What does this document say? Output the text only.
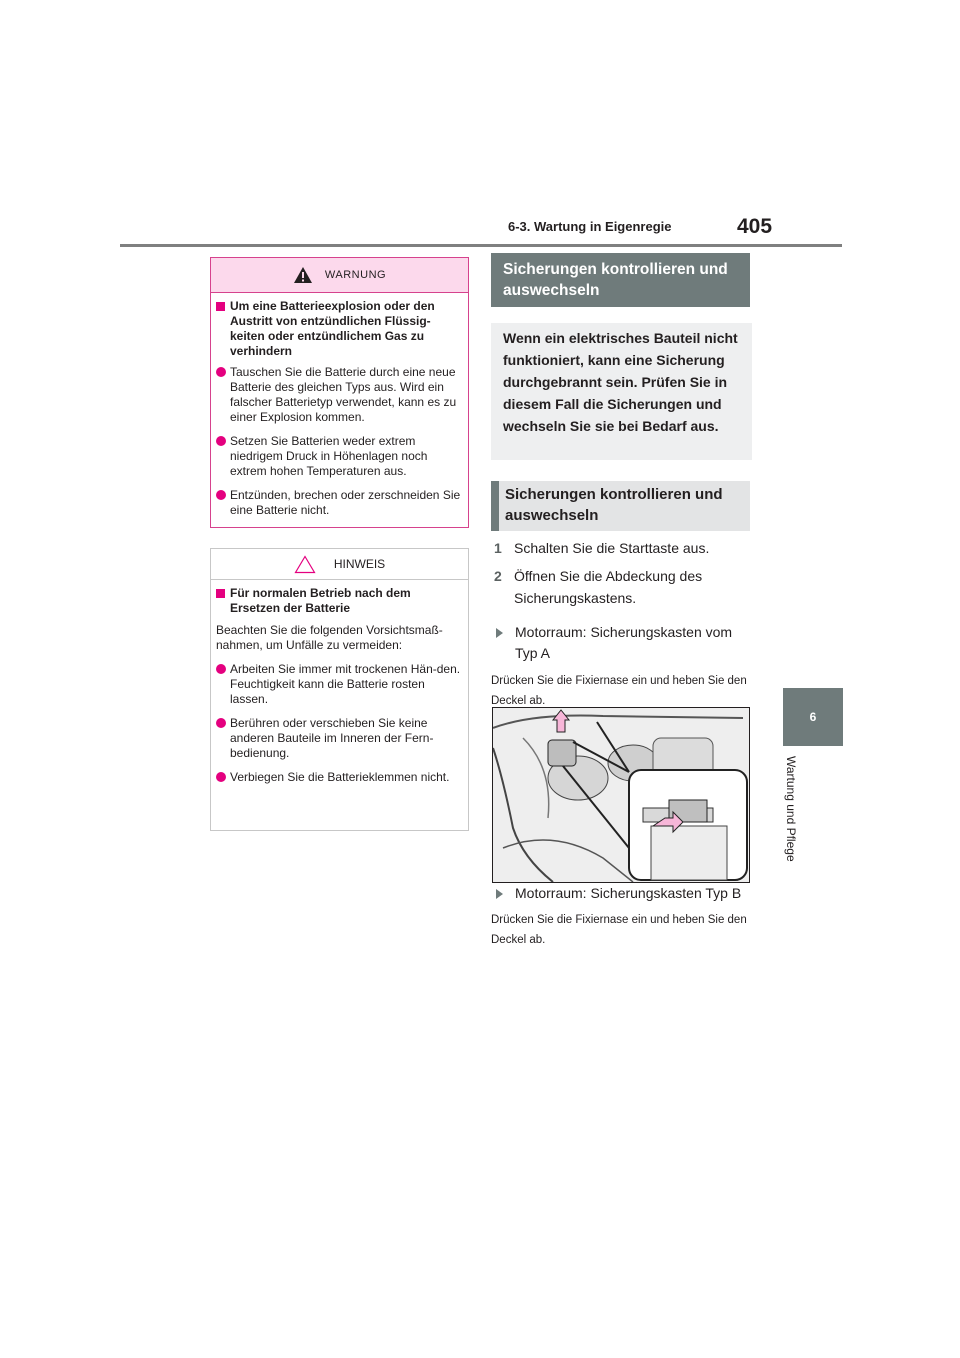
6-3. Wartung in Eigenregie	405
6
Wartung und Pflege
WARNUNG
Um eine Batterieexplosion oder den Austritt von entzündlichen Flüssig-keiten oder entzündlichem Gas zu verhindern
Tauschen Sie die Batterie durch eine neue Batterie des gleichen Typs aus. Wird ein falscher Batterietyp verwendet, kann es zu einer Explosion kommen.
Setzen Sie Batterien weder extrem niedrigem Druck in Höhenlagen noch extrem hohen Temperaturen aus.
Entzünden, brechen oder zerschneiden Sie eine Batterie nicht.
HINWEIS
Für normalen Betrieb nach dem Ersetzen der Batterie
Beachten Sie die folgenden Vorsichtsmaß-nahmen, um Unfälle zu vermeiden:
Arbeiten Sie immer mit trockenen Hän-den.
Feuchtigkeit kann die Batterie rosten lassen.
Berühren oder verschieben Sie keine anderen Bauteile im Inneren der Fern-bedienung.
Verbiegen Sie die Batterieklemmen nicht.
Sicherungen kontrollieren und auswechseln
Wenn ein elektrisches Bauteil nicht funktioniert, kann eine Sicherung durchgebrannt sein. Prüfen Sie in diesem Fall die Sicherungen und wechseln Sie sie bei Bedarf aus.
Sicherungen kontrollieren und auswechseln
1 Schalten Sie die Starttaste aus.
2 Öffnen Sie die Abdeckung des Sicherungskastens.
Motorraum: Sicherungskasten vom Typ A
Drücken Sie die Fixiernase ein und heben Sie den Deckel ab.
Motorraum: Sicherungskasten Typ B
Drücken Sie die Fixiernase ein und heben Sie den Deckel ab.
